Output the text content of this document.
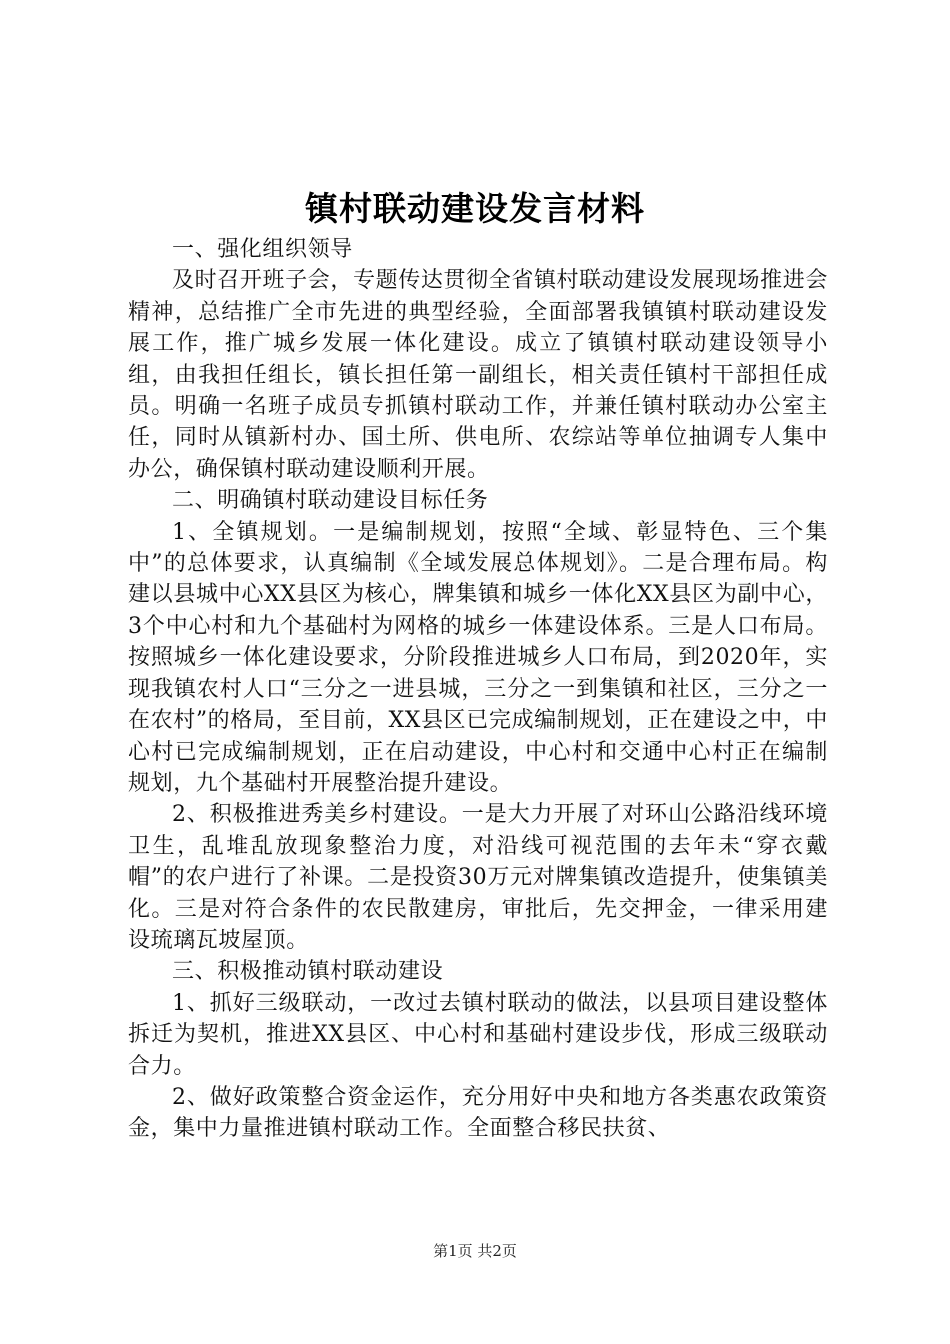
镇村联动建设发言材料

一、强化组织领导

及时召开班子会，专题传达贯彻全省镇村联动建设发展现场推进会精神，总结推广全市先进的典型经验，全面部署我镇镇村联动建设发展工作，推广城乡发展一体化建设。成立了镇镇村联动建设领导小组，由我担任组长，镇长担任第一副组长，相关责任镇村干部担任成员。明确一名班子成员专抓镇村联动工作，并兼任镇村联动办公室主任，同时从镇新村办、国土所、供电所、农综站等单位抽调专人集中办公，确保镇村联动建设顺利开展。

二、明确镇村联动建设目标任务

1、全镇规划。一是编制规划，按照“全域、彰显特色、三个集中”的总体要求，认真编制《全域发展总体规划》。二是合理布局。构建以县城中心XX县区为核心，牌集镇和城乡一体化XX县区为副中心，3个中心村和九个基础村为网格的城乡一体建设体系。三是人口布局。按照城乡一体化建设要求，分阶段推进城乡人口布局，到2020年，实现我镇农村人口“三分之一进县城，三分之一到集镇和社区，三分之一在农村”的格局，至目前，XX县区已完成编制规划，正在建设之中，中心村已完成编制规划，正在启动建设，中心村和交通中心村正在编制规划，九个基础村开展整治提升建设。

2、积极推进秀美乡村建设。一是大力开展了对环山公路沿线环境卫生，乱堆乱放现象整治力度，对沿线可视范围的去年未“穿衣戴帽”的农户进行了补课。二是投资30万元对牌集镇改造提升，使集镇美化。三是对符合条件的农民散建房，审批后，先交押金，一律采用建设琉璃瓦坡屋顶。

三、积极推动镇村联动建设

1、抓好三级联动，一改过去镇村联动的做法，以县项目建设整体拆迁为契机，推进XX县区、中心村和基础村建设步伐，形成三级联动合力。

2、做好政策整合资金运作，充分用好中央和地方各类惠农政策资金，集中力量推进镇村联动工作。全面整合移民扶贫、

第1页 共2页
